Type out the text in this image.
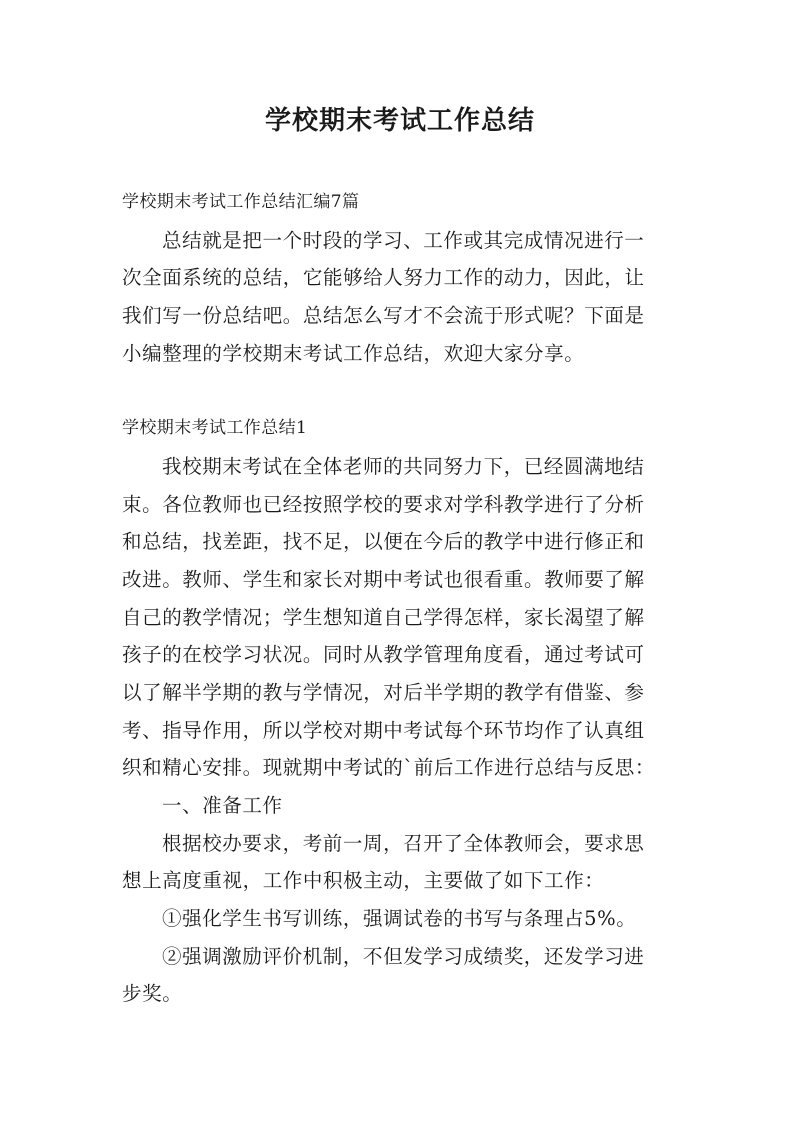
学校期末考试工作总结
学校期末考试工作总结汇编7篇
总结就是把一个时段的学习、工作或其完成情况进行一
次全面系统的总结，它能够给人努力工作的动力，因此，让
我们写一份总结吧。总结怎么写才不会流于形式呢？下面是
小编整理的学校期末考试工作总结，欢迎大家分享。
学校期末考试工作总结1
我校期末考试在全体老师的共同努力下，已经圆满地结
束。各位教师也已经按照学校的要求对学科教学进行了分析
和总结，找差距，找不足，以便在今后的教学中进行修正和
改进。教师、学生和家长对期中考试也很看重。教师要了解
自己的教学情况；学生想知道自己学得怎样，家长渴望了解
孩子的在校学习状况。同时从教学管理角度看，通过考试可
以了解半学期的教与学情况，对后半学期的教学有借鉴、参
考、指导作用，所以学校对期中考试每个环节均作了认真组
织和精心安排。现就期中考试的`前后工作进行总结与反思：
一、准备工作
根据校办要求，考前一周，召开了全体教师会，要求思
想上高度重视，工作中积极主动，主要做了如下工作：
①强化学生书写训练，强调试卷的书写与条理占5%。
②强调激励评价机制，不但发学习成绩奖，还发学习进
步奖。
